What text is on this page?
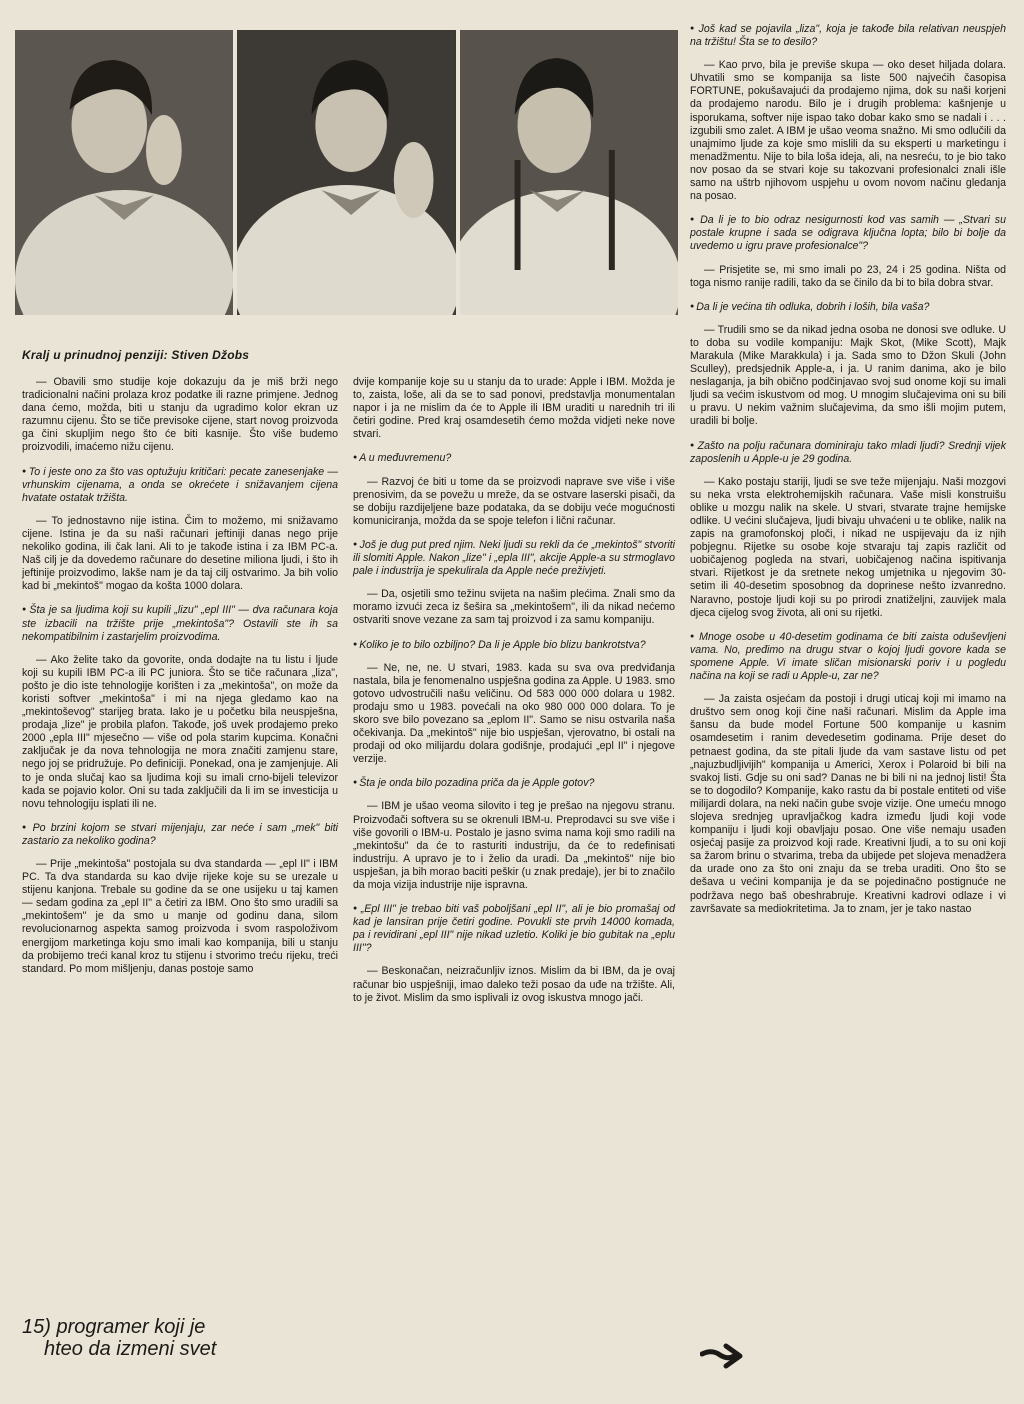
Kralj u prinudnoj penziji: Stiven Džobs

— Obavili smo studije koje dokazuju da je miš brži nego tradicionalni načini prolaza kroz podatke ili razne primjene. Jednog dana ćemo, možda, biti u stanju da ugradimo kolor ekran uz razumnu cijenu. Što se tiče previsoke cijene, start novog proizvoda ga čini skupljim nego što će biti kasnije. Što više budemo proizvodili, imaćemo nižu cijenu.

● To i jeste ono za što vas optužuju kritičari: pecate zanesenjake — vrhunskim cijenama, a onda se okrećete i snižavanjem cijena hvatate ostatak tržišta.

— To jednostavno nije istina. Čim to možemo, mi snižavamo cijene. Istina je da su naši računari jeftiniji danas nego prije nekoliko godina, ili čak lani. Ali to je takođe istina i za IBM PC-a. Naš cilj je da dovedemo računare do desetine miliona ljudi, i što ih jeftinije proizvodimo, lakše nam je da taj cilj ostvarimo. Ja bih volio kad bi „mekintoš" mogao da košta 1000 dolara.

● Šta je sa ljudima koji su kupili „lizu" „epl III" — dva računara koja ste izbacili na tržište prije „mekintoša"? Ostavili ste ih sa nekompatibilnim i zastarjelim proizvodima.

— Ako želite tako da govorite, onda dodajte na tu listu i ljude koji su kupili IBM PC-a ili PC juniora. Što se tiče računara „liza", pošto je dio iste tehnologije korišten i za „mekintoša", on može da koristi softver „mekintoša" i mi na njega gledamo kao na „mekintoševog" starijeg brata. Iako je u početku bila neuspješna, prodaja „lize" je probila plafon. Takođe, još uvek prodajemo preko 2000 „epla III" mjesečno — više od pola starim kupcima. Konačni zaključak je da nova tehnologija ne mora značiti zamjenu stare, nego joj se pridružuje. Po definiciji. Ponekad, ona je zamjenjuje. Ali to je onda slučaj kao sa ljudima koji su imali crno-bijeli televizor kada se pojavio kolor. Oni su tada zaključili da li im se investicija u novu tehnologiju isplati ili ne.

● Po brzini kojom se stvari mijenjaju, zar neće i sam „mek" biti zastario za nekoliko godina?

— Prije „mekintoša" postojala su dva standarda — „epl II" i IBM PC. Ta dva standarda su kao dvije rijeke koje su se urezale u stijenu kanjona. Trebale su godine da se one usijeku u taj kamen — sedam godina za „epl II" a četiri za IBM. Ono što smo uradili sa „mekintošem" je da smo u manje od godinu dana, silom revolucionarnog aspekta samog proizvoda i svom raspoloživom energijom marketinga koju smo imali kao kompanija, bili u stanju da probijemo treći kanal kroz tu stijenu i stvorimo treću rijeku, treći standard. Po mom mišljenju, danas postoje samo

dvije kompanije koje su u stanju da to urade: Apple i IBM. Možda je to, zaista, loše, ali da se to sad ponovi, predstavlja monumentalan napor i ja ne mislim da će to Apple ili IBM uraditi u narednih tri ili četiri godine. Pred kraj osamdesetih ćemo možda vidjeti neke nove stvari.

● A u međuvremenu?

— Razvoj će biti u tome da se proizvodi naprave sve više i više prenosivim, da se povežu u mreže, da se ostvare laserski pisači, da se dobiju razdijeljene baze podataka, da se dobiju veće mogućnosti komuniciranja, možda da se spoje telefon i lični računar.

● Još je dug put pred njim. Neki ljudi su rekli da će „mekintoš" stvoriti ili slomiti Apple. Nakon „lize" i „epla III", akcije Apple-a su strmoglavo pale i industrija je spekulirala da Apple neće preživjeti.

— Da, osjetili smo težinu svijeta na našim plećima. Znali smo da moramo izvući zeca iz šešira sa „mekintošem", ili da nikad nećemo ostvariti snove vezane za sam taj proizvod i za samu kompaniju.

● Koliko je to bilo ozbiljno? Da li je Apple bio blizu bankrotstva?

— Ne, ne, ne. U stvari, 1983. kada su sva ova predviđanja nastala, bila je fenomenalno uspješna godina za Apple. U 1983. smo gotovo udvostručili našu veličinu. Od 583 000 000 dolara u 1982. prodaju smo u 1983. povećali na oko 980 000 000 dolara. To je skoro sve bilo povezano sa „eplom II". Samo se nisu ostvarila naša očekivanja. Da „mekintoš" nije bio uspješan, vjerovatno, bi ostali na prodaji od oko milijardu dolara godišnje, prodajući „epl II" i njegove verzije.

● Šta je onda bilo pozadina priča da je Apple gotov?

— IBM je ušao veoma silovito i teg je prešao na njegovu stranu. Proizvođači softvera su se okrenuli IBM-u. Preprodavci su sve više i više govorili o IBM-u. Postalo je jasno svima nama koji smo radili na „mekintošu" da će to rasturiti industriju, da će to redefinisati industriju. A upravo je to i želio da uradi. Da „mekintoš" nije bio uspješan, ja bih morao baciti peškir (u znak predaje), jer bi to značilo da moja vizija industrije nije ispravna.

● „Epl III" je trebao biti vaš poboljšani „epl II", ali je bio promašaj od kad je lansiran prije četiri godine. Povukli ste prvih 14000 komada, pa i revidirani „epl III" nije nikad uzletio. Koliki je bio gubitak na „eplu III"?

— Beskonačan, neizračunljiv iznos. Mislim da bi IBM, da je ovaj računar bio uspješniji, imao daleko teži posao da uđe na tržište. Ali, to je život. Mislim da smo isplivali iz ovog iskustva mnogo jači.

● Još kad se pojavila „liza", koja je takođe bila relativan neuspjeh na tržištu! Šta se to desilo?

— Kao prvo, bila je previše skupa — oko deset hiljada dolara. Uhvatili smo se kompanija sa liste 500 najvećih časopisa FORTUNE, pokušavajući da prodajemo njima, dok su naši korjeni da prodajemo narodu. Bilo je i drugih problema: kašnjenje u isporukama, softver nije ispao tako dobar kako smo se nadali i . . . izgubili smo zalet. A IBM je ušao veoma snažno. Mi smo odlučili da unajmimo ljude za koje smo mislili da su eksperti u marketingu i menadžmentu. Nije to bila loša ideja, ali, na nesreću, to je bio tako nov posao da se stvari koje su takozvani profesionalci znali išle samo na uštrb njihovom uspjehu u ovom novom načinu gledanja na posao.

● Da li je to bio odraz nesigurnosti kod vas samih — „Stvari su postale krupne i sada se odigrava ključna lopta; bilo bi bolje da uvedemo u igru prave profesionalce"?

— Prisjetite se, mi smo imali po 23, 24 i 25 godina. Ništa od toga nismo ranije radili, tako da se činilo da bi to bila dobra stvar.

● Da li je većina tih odluka, dobrih i loših, bila vaša?

— Trudili smo se da nikad jedna osoba ne donosi sve odluke. U to doba su vodile kompaniju: Majk Skot, (Mike Scott), Majk Marakula (Mike Marakkula) i ja. Sada smo to Džon Skuli (John Sculley), predsjednik Apple-a, i ja. U ranim danima, ako je bilo neslaganja, ja bih obično podčinjavao svoj sud onome koji su imali ljudi sa većim iskustvom od mog. U mnogim slučajevima oni su bili u pravu. U nekim važnim slučajevima, da smo išli mojim putem, uradili bi bolje.

● Zašto na polju računara dominiraju tako mladi ljudi? Srednji vijek zaposlenih u Apple-u je 29 godina.

— Kako postaju stariji, ljudi se sve teže mijenjaju. Naši mozgovi su neka vrsta elektrohemijskih računara. Vaše misli konstruišu oblike u mozgu nalik na skele. U stvari, stvarate trajne hemijske odlike. U većini slučajeva, ljudi bivaju uhvaćeni u te oblike, nalik na zapis na gramofonskoj ploči, i nikad ne uspijevaju da iz njih pobjegnu. Rijetke su osobe koje stvaraju taj zapis različit od uobičajenog pogleda na stvari, uobičajenog načina ispitivanja stvari. Rijetkost je da sretnete nekog umjetnika u njegovim 30-setim ili 40-desetim sposobnog da doprinese nešto izvanredno. Naravno, postoje ljudi koji su po prirodi znatiželjni, zauvijek mala djeca cijelog svog života, ali oni su rijetki.

● Mnoge osobe u 40-desetim godinama će biti zaista oduševljeni vama. No, pređimo na drugu stvar o kojoj ljudi govore kada se spomene Apple. Vi imate sličan misionarski poriv i u pogledu načina na koji se radi u Apple-u, zar ne?

— Ja zaista osjećam da postoji i drugi uticaj koji mi imamo na društvo sem onog koji čine naši računari. Mislim da Apple ima šansu da bude model Fortune 500 kompanije u kasnim osamdesetim i ranim devedesetim godinama. Prije deset do petnaest godina, da ste pitali ljude da vam sastave listu od pet „najuzbudljivijih" kompanija u Americi, Xerox i Polaroid bi bili na svakoj listi. Gdje su oni sad? Danas ne bi bili ni na jednoj listi! Šta se to dogodilo? Kompanije, kako rastu da bi postale entiteti od više milijardi dolara, na neki način gube svoje vizije. One umeću mnogo slojeva srednjeg upravljačkog kadra između ljudi koji vode kompaniju i ljudi koji obavljaju posao. One više nemaju usađen osjećaj pasije za proizvod koji rade. Kreativni ljudi, a to su oni koji sa žarom brinu o stvarima, treba da ubijede pet slojeva menadžera da urade ono za što oni znaju da se treba uraditi. Ono što se dešava u većini kompanija je da se pojedinačno postignuće ne podržava nego baš obeshrabruje. Kreativni kadrovi odlaze i vi završavate sa mediokritetima. Ja to znam, jer je tako nastao

15) programer koji je
hteo da izmeni svet
